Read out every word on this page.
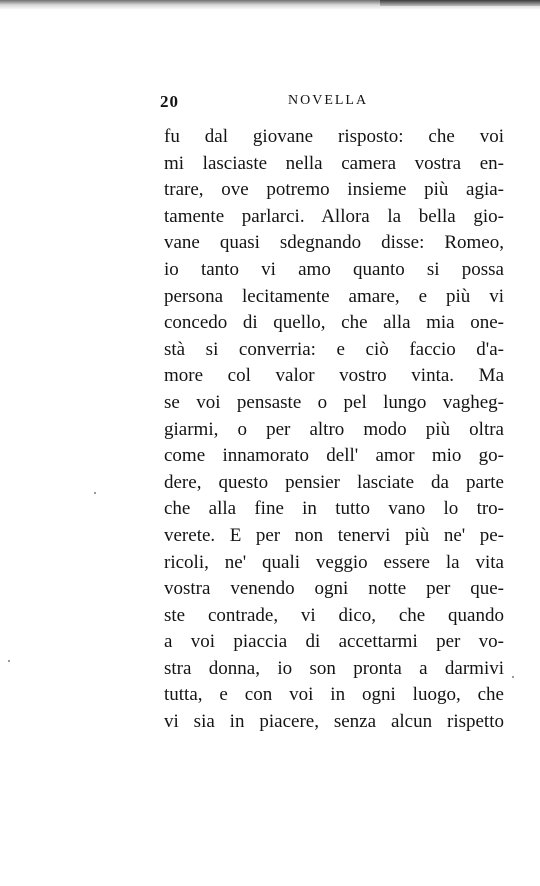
20	NOVELLA
fu dal giovane risposto: che voi
mi lasciaste nella camera vostra en-
trare, ove potremo insieme più agia-
tamente parlarci. Allora la bella gio-
vane quasi sdegnando disse: Romeo,
io tanto vi amo quanto si possa
persona lecitamente amare, e più vi
concedo di quello, che alla mia one-
stà si converria: e ciò faccio d'a-
more col valor vostro vinta. Ma
se voi pensaste o pel lungo vagheg-
giarmi, o per altro modo più oltra
come innamorato dell' amor mio go-
dere, questo pensier lasciate da parte
che alla fine in tutto vano lo tro-
verete. E per non tenervi più ne' pe-
ricoli, ne' quali veggio essere la vita
vostra venendo ogni notte per que-
ste contrade, vi dico, che quando
a voi piaccia di accettarmi per vo-
stra donna, io son pronta a darmivi
tutta, e con voi in ogni luogo, che
vi sia in piacere, senza alcun rispetto
